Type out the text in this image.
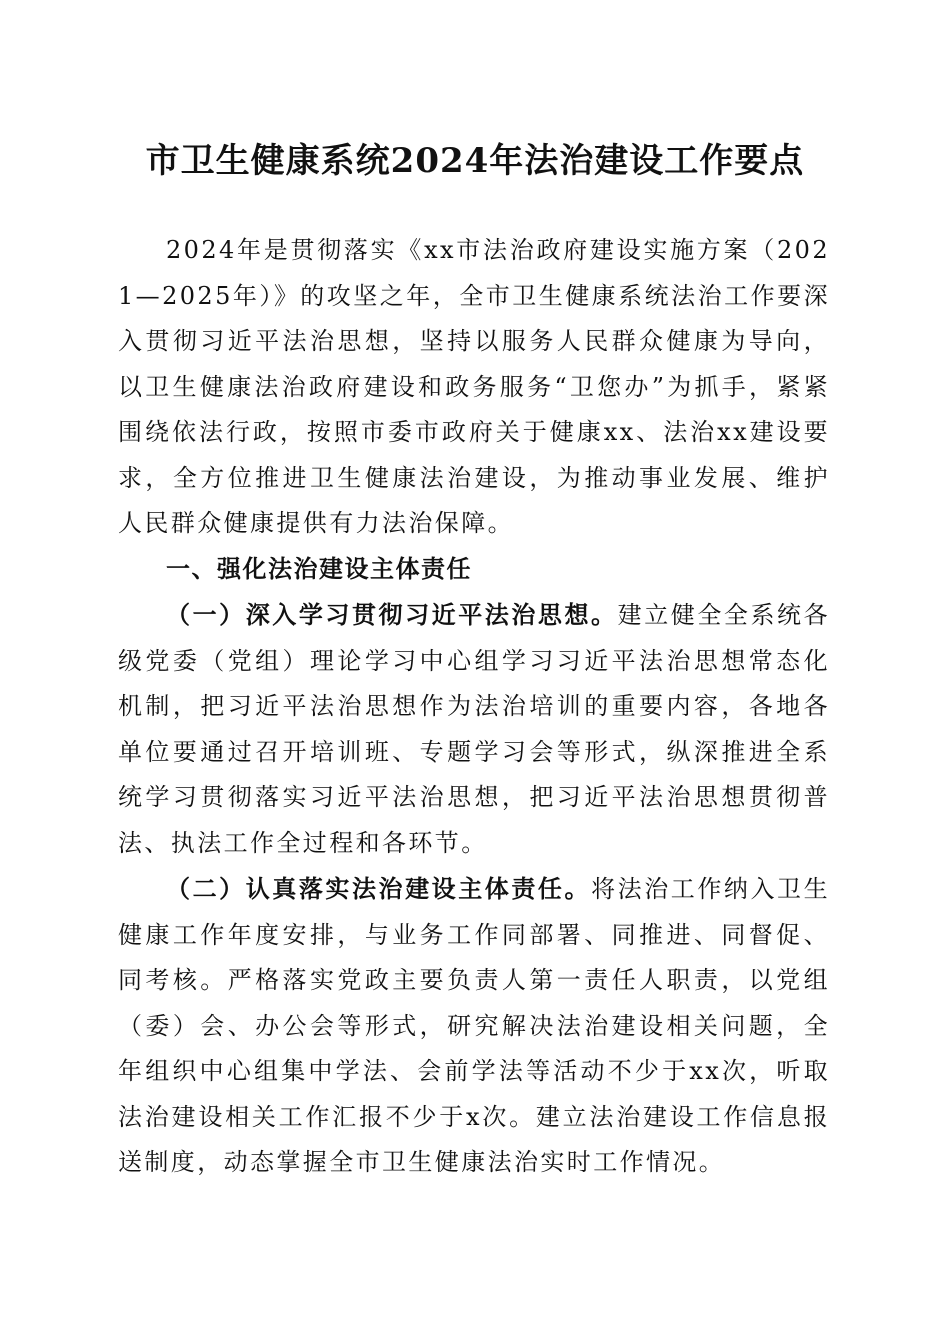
市卫生健康系统2024年法治建设工作要点

2024年是贯彻落实《xx市法治政府建设实施方案（2021—2025年）》的攻坚之年，全市卫生健康系统法治工作要深入贯彻习近平法治思想，坚持以服务人民群众健康为导向，以卫生健康法治政府建设和政务服务“卫您办”为抓手，紧紧围绕依法行政，按照市委市政府关于健康xx、法治xx建设要求，全方位推进卫生健康法治建设，为推动事业发展、维护人民群众健康提供有力法治保障。

一、强化法治建设主体责任

（一）深入学习贯彻习近平法治思想。建立健全全系统各级党委（党组）理论学习中心组学习习近平法治思想常态化机制，把习近平法治思想作为法治培训的重要内容，各地各单位要通过召开培训班、专题学习会等形式，纵深推进全系统学习贯彻落实习近平法治思想，把习近平法治思想贯彻普法、执法工作全过程和各环节。

（二）认真落实法治建设主体责任。将法治工作纳入卫生健康工作年度安排，与业务工作同部署、同推进、同督促、同考核。严格落实党政主要负责人第一责任人职责，以党组（委）会、办公会等形式，研究解决法治建设相关问题，全年组织中心组集中学法、会前学法等活动不少于xx次，听取法治建设相关工作汇报不少于x次。建立法治建设工作信息报送制度，动态掌握全市卫生健康法治实时工作情况。
